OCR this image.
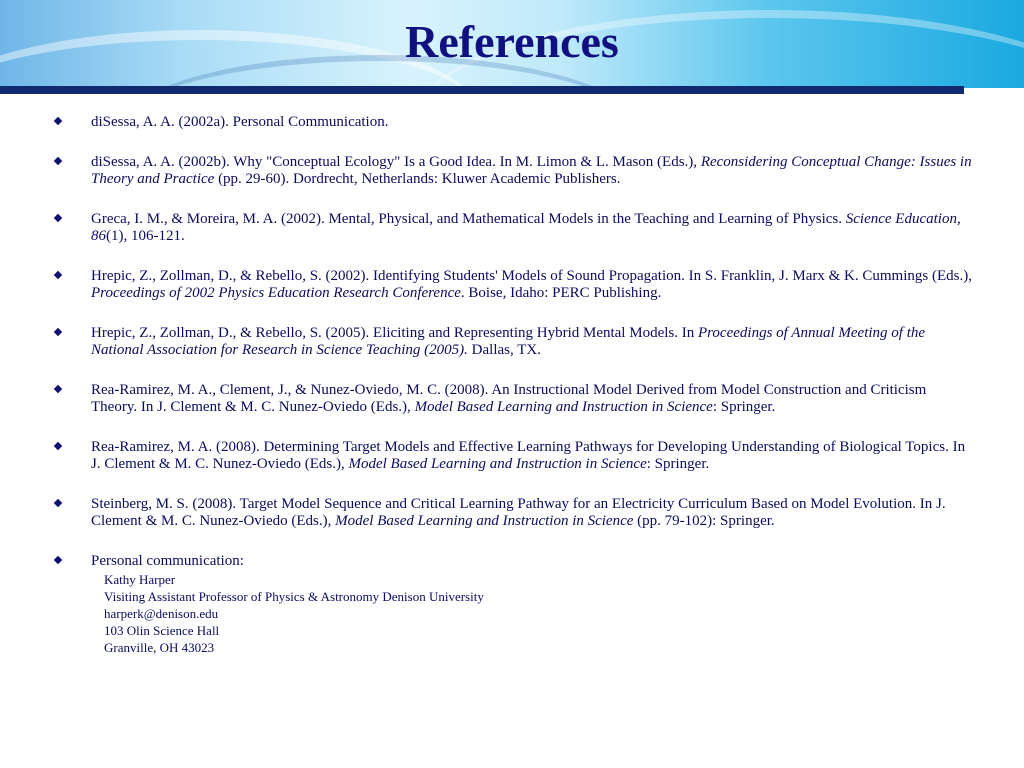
References
diSessa, A. A. (2002a). Personal Communication.
diSessa, A. A. (2002b). Why "Conceptual Ecology" Is a Good Idea. In M. Limon & L. Mason (Eds.), Reconsidering Conceptual Change: Issues in Theory and Practice (pp. 29-60). Dordrecht, Netherlands: Kluwer Academic Publishers.
Greca, I. M., & Moreira, M. A. (2002). Mental, Physical, and Mathematical Models in the Teaching and Learning of Physics. Science Education, 86(1), 106-121.
Hrepic, Z., Zollman, D., & Rebello, S. (2002). Identifying Students' Models of Sound Propagation. In S. Franklin, J. Marx & K. Cummings (Eds.), Proceedings of 2002 Physics Education Research Conference. Boise, Idaho: PERC Publishing.
Hrepic, Z., Zollman, D., & Rebello, S. (2005). Eliciting and Representing Hybrid Mental Models. In Proceedings of Annual Meeting of the National Association for Research in Science Teaching (2005). Dallas, TX.
Rea-Ramirez, M. A., Clement, J., & Nunez-Oviedo, M. C. (2008). An Instructional Model Derived from Model Construction and Criticism Theory. In J. Clement & M. C. Nunez-Oviedo (Eds.), Model Based Learning and Instruction in Science: Springer.
Rea-Ramirez, M. A. (2008). Determining Target Models and Effective Learning Pathways for Developing Understanding of Biological Topics. In J. Clement & M. C. Nunez-Oviedo (Eds.), Model Based Learning and Instruction in Science: Springer.
Steinberg, M. S. (2008). Target Model Sequence and Critical Learning Pathway for an Electricity Curriculum Based on Model Evolution. In J. Clement & M. C. Nunez-Oviedo (Eds.), Model Based Learning and Instruction in Science (pp. 79-102): Springer.
Personal communication:
Kathy Harper
Visiting Assistant Professor of Physics & Astronomy Denison University
harperk@denison.edu
103 Olin Science Hall
Granville, OH 43023
